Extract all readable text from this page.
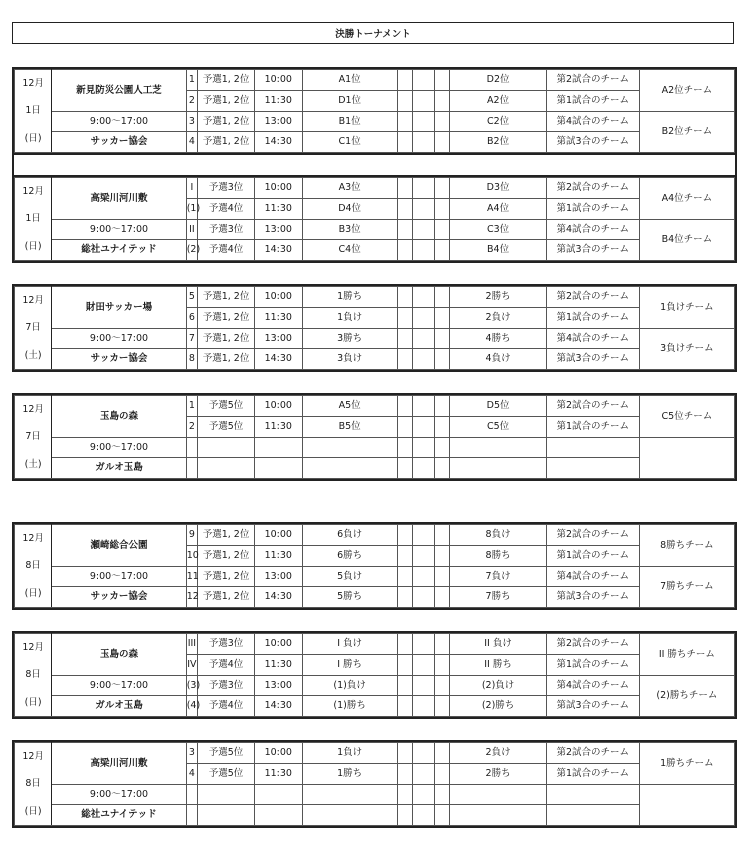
決勝トーナメント
12月
1日
(日)	新見防災公園人工芝	1	予選1, 2位	10:00	A1位				D2位	第2試合のチーム	A2位チーム
		2	予選1, 2位	11:30	D1位				A2位	第1試合のチーム	
	9:00〜17:00	3	予選1, 2位	13:00	B1位				C2位	第4試合のチーム	B2位チーム
	サッカー協会	4	予選1, 2位	14:30	C1位				B2位	第試3合のチーム	
12月
1日
(日)	高梁川河川敷	I	予選3位	10:00	A3位				D3位	第2試合のチーム	A4位チーム
		(1)	予選4位	11:30	D4位				A4位	第1試合のチーム	
	9:00〜17:00	II	予選3位	13:00	B3位				C3位	第4試合のチーム	B4位チーム
	総社ユナイテッド	(2)	予選4位	14:30	C4位				B4位	第試3合のチーム	
12月
7日
(土)	財田サッカー場	5	予選1, 2位	10:00	1勝ち				2勝ち	第2試合のチーム	1負けチーム
		6	予選1, 2位	11:30	1負け				2負け	第1試合のチーム	
	9:00〜17:00	7	予選1, 2位	13:00	3勝ち				4勝ち	第4試合のチーム	3負けチーム
	サッカー協会	8	予選1, 2位	14:30	3負け				4負け	第試3合のチーム	
12月
7日
(土)	玉島の森	1	予選5位	10:00	A5位				D5位	第2試合のチーム	C5位チーム
		2	予選5位	11:30	B5位				C5位	第1試合のチーム	
	9:00〜17:00										
	ガルオ玉島										
12月
8日
(日)	瀬崎総合公園	9	予選1, 2位	10:00	6負け				8負け	第2試合のチーム	8勝ちチーム
		10	予選1, 2位	11:30	6勝ち				8勝ち	第1試合のチーム	
	9:00〜17:00	11	予選1, 2位	13:00	5負け				7負け	第4試合のチーム	7勝ちチーム
	サッカー協会	12	予選1, 2位	14:30	5勝ち				7勝ち	第試3合のチーム	
12月
8日
(日)	玉島の森	III	予選3位	10:00	I 負け				II 負け	第2試合のチーム	II 勝ちチーム
		IV	予選4位	11:30	I 勝ち				II 勝ち	第1試合のチーム	
	9:00〜17:00	(3)	予選3位	13:00	(1)負け				(2)負け	第4試合のチーム	(2)勝ちチーム
	ガルオ玉島	(4)	予選4位	14:30	(1)勝ち				(2)勝ち	第試3合のチーム	
12月
8日
(日)	高梁川河川敷	3	予選5位	10:00	1負け				2負け	第2試合のチーム	1勝ちチーム
		4	予選5位	11:30	1勝ち				2勝ち	第1試合のチーム	
	9:00〜17:00										
	総社ユナイテッド										
